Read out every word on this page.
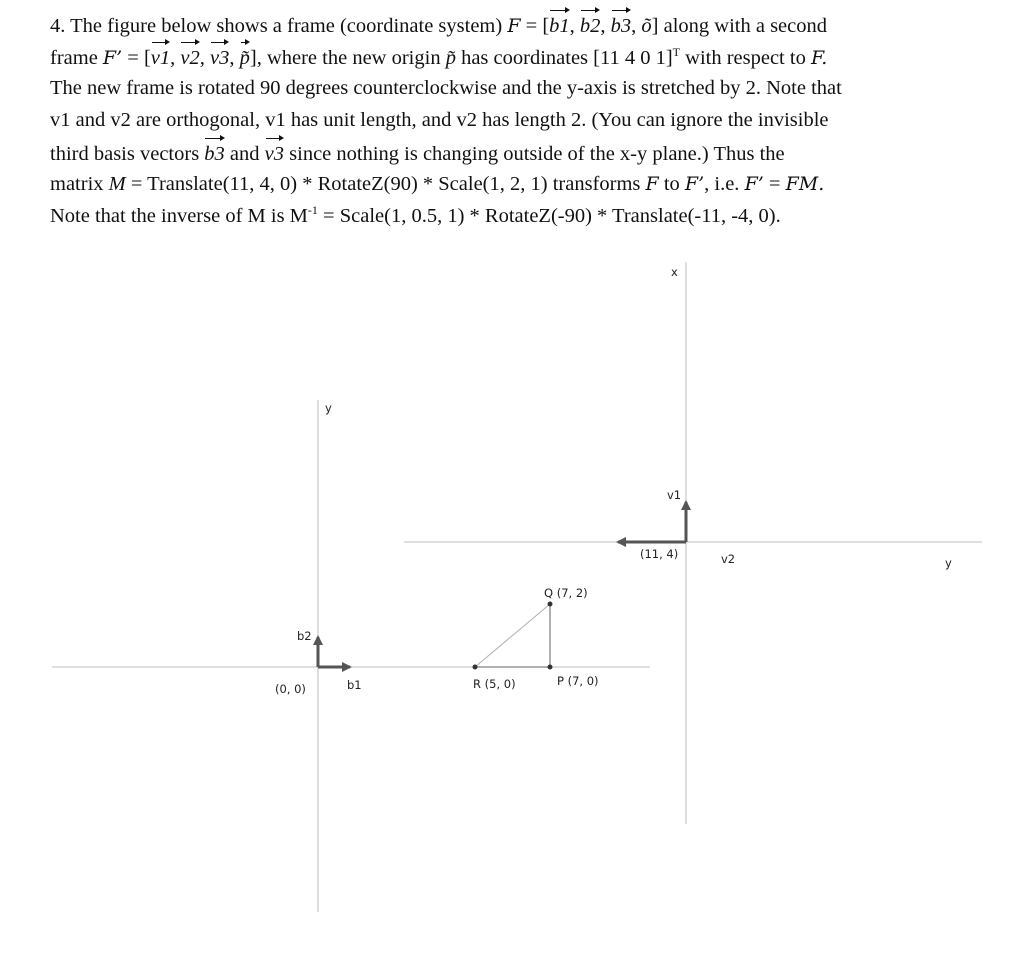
4. The figure below shows a frame (coordinate system) F = [b1, b2, b3, õ] along with a second
frame F’ = [v1, v2, v3, p̃], where the new origin p̃ has coordinates [11 4 0 1]$^T$ with respect to F.
The new frame is rotated 90 degrees counterclockwise and the y-axis is stretched by 2. Note that
v1 and v2 are orthogonal, v1 has unit length, and v2 has length 2. (You can ignore the invisible
third basis vectors b3 and v3 since nothing is changing outside of the x-y plane.) Thus the
matrix M = Translate(11, 4, 0) * RotateZ(90) * Scale(1, 2, 1) transforms F to F’, i.e. F’ = FM.
Note that the inverse of M is $M^{-1}$ = Scale(1, 0.5, 1) * RotateZ(-90) * Translate(-11, -4, 0).
y
(0, 0)	b1
b2
x
y
(11, 4)
v1
v2
R (5, 0)	P (7, 0)
Q (7, 2)
